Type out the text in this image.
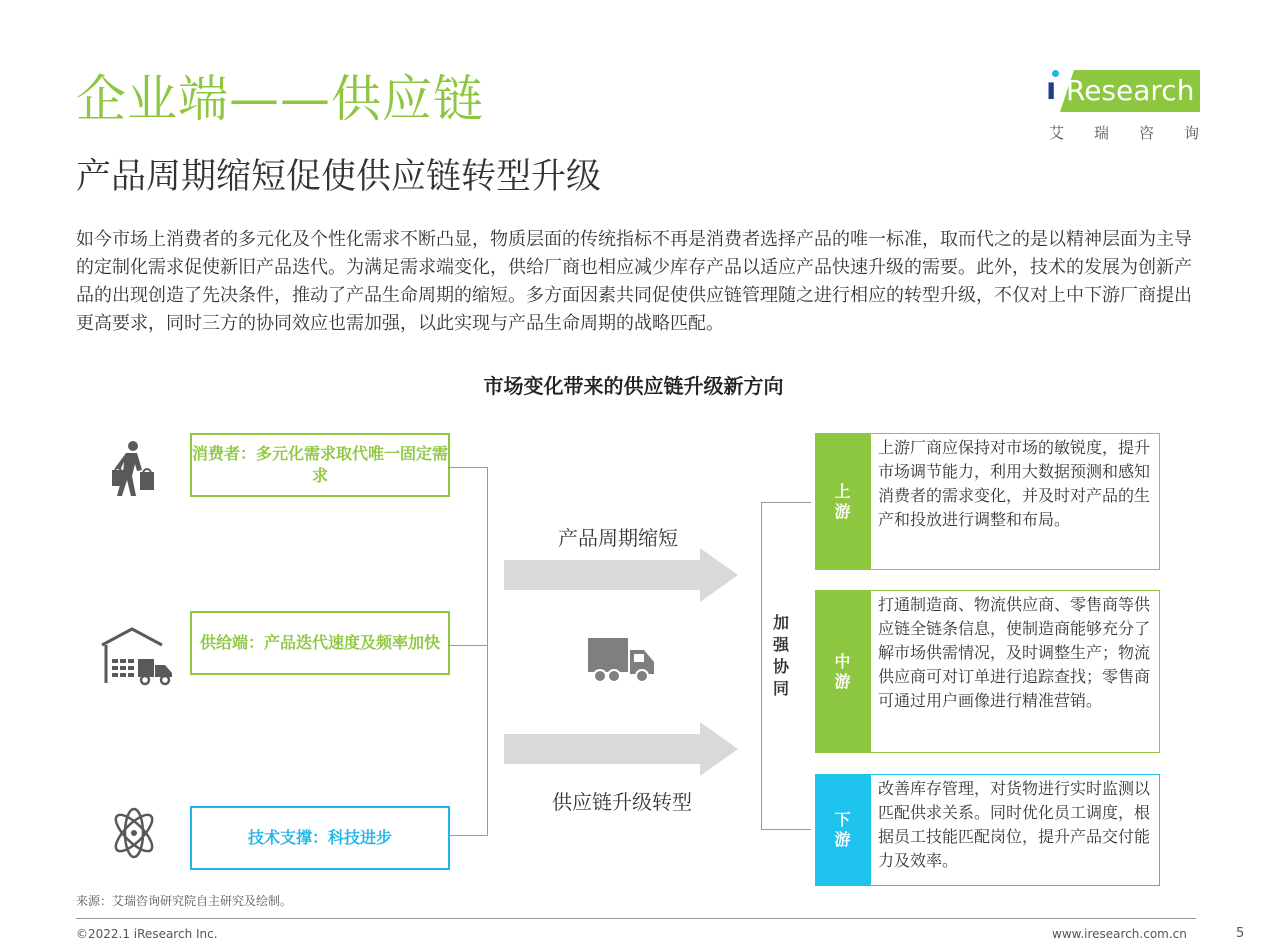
企业端——供应链
产品周期缩短促使供应链转型升级
ı Research
艾 瑞 咨 询
如今市场上消费者的多元化及个性化需求不断凸显，物质层面的传统指标不再是消费者选择产品的唯一标准，取而代之的是以精神层面为主导的定制化需求促使新旧产品迭代。为满足需求端变化，供给厂商也相应减少库存产品以适应产品快速升级的需要。此外，技术的发展为创新产品的出现创造了先决条件，推动了产品生命周期的缩短。多方面因素共同促使供应链管理随之进行相应的转型升级，不仅对上中下游厂商提出更高要求，同时三方的协同效应也需加强，以此实现与产品生命周期的战略匹配。
市场变化带来的供应链升级新方向
消费者：多元化需求取代唯一固定需求
供给端：产品迭代速度及频率加快
技术支撑：科技进步
产品周期缩短
供应链升级转型
加
强
协
同
上游
上游厂商应保持对市场的敏锐度，提升市场调节能力，利用大数据预测和感知消费者的需求变化，并及时对产品的生产和投放进行调整和布局。
中游
打通制造商、物流供应商、零售商等供应链全链条信息，使制造商能够充分了解市场供需情况，及时调整生产；物流供应商可对订单进行追踪查找；零售商可通过用户画像进行精准营销。
下游
改善库存管理，对货物进行实时监测以匹配供求关系。同时优化员工调度，根据员工技能匹配岗位，提升产品交付能力及效率。
来源：艾瑞咨询研究院自主研究及绘制。
©2022.1 iResearch Inc.	www.iresearch.com.cn	5
